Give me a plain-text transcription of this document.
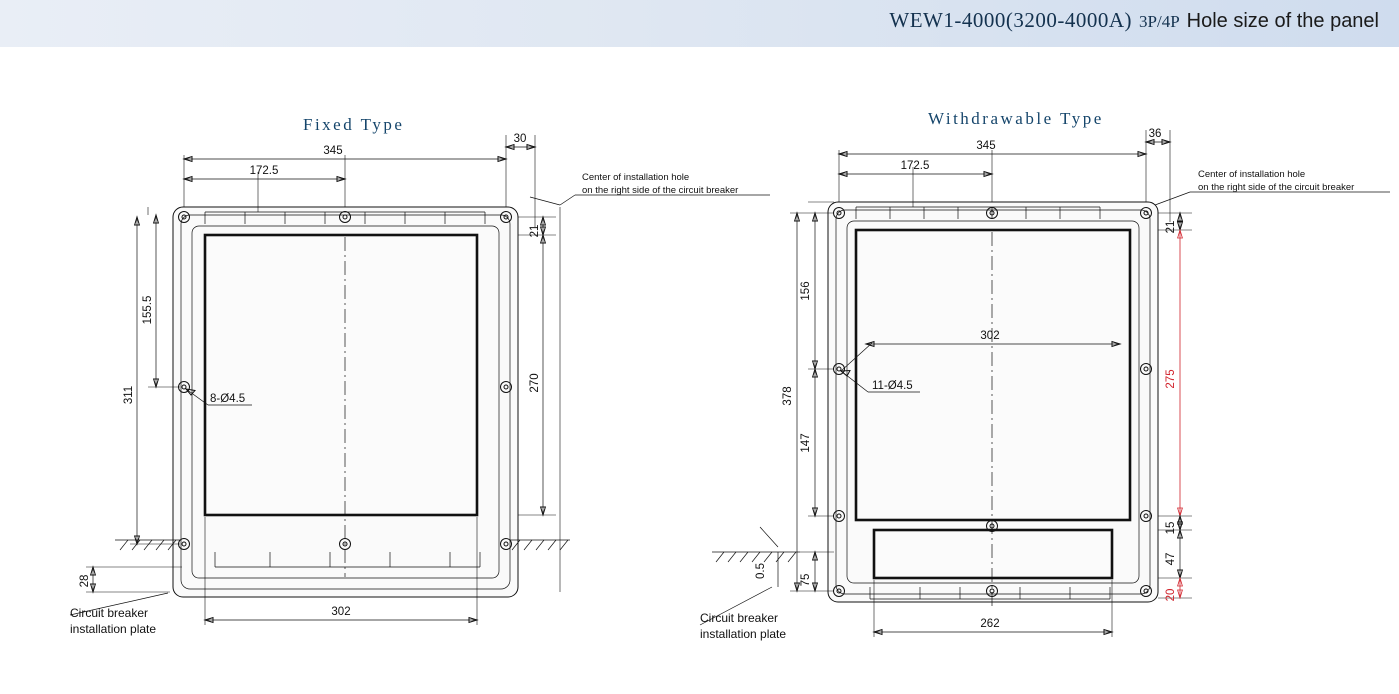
WEW1-4000(3200-4000A) 3P/4P Hole size of the panel
Fixed Type
345
172.5
30
21
270
155.5
311
28
302
8-Ø4.5
Center of installation hole
on the right side of the circuit breaker
Circuit breaker
installation plate
Withdrawable Type
345
172.5
36
21
275
15
47
20
156
147
378
75
0.5
302
262
11-Ø4.5
Center of installation hole
on the right side of the circuit breaker
Circuit breaker
installation plate
